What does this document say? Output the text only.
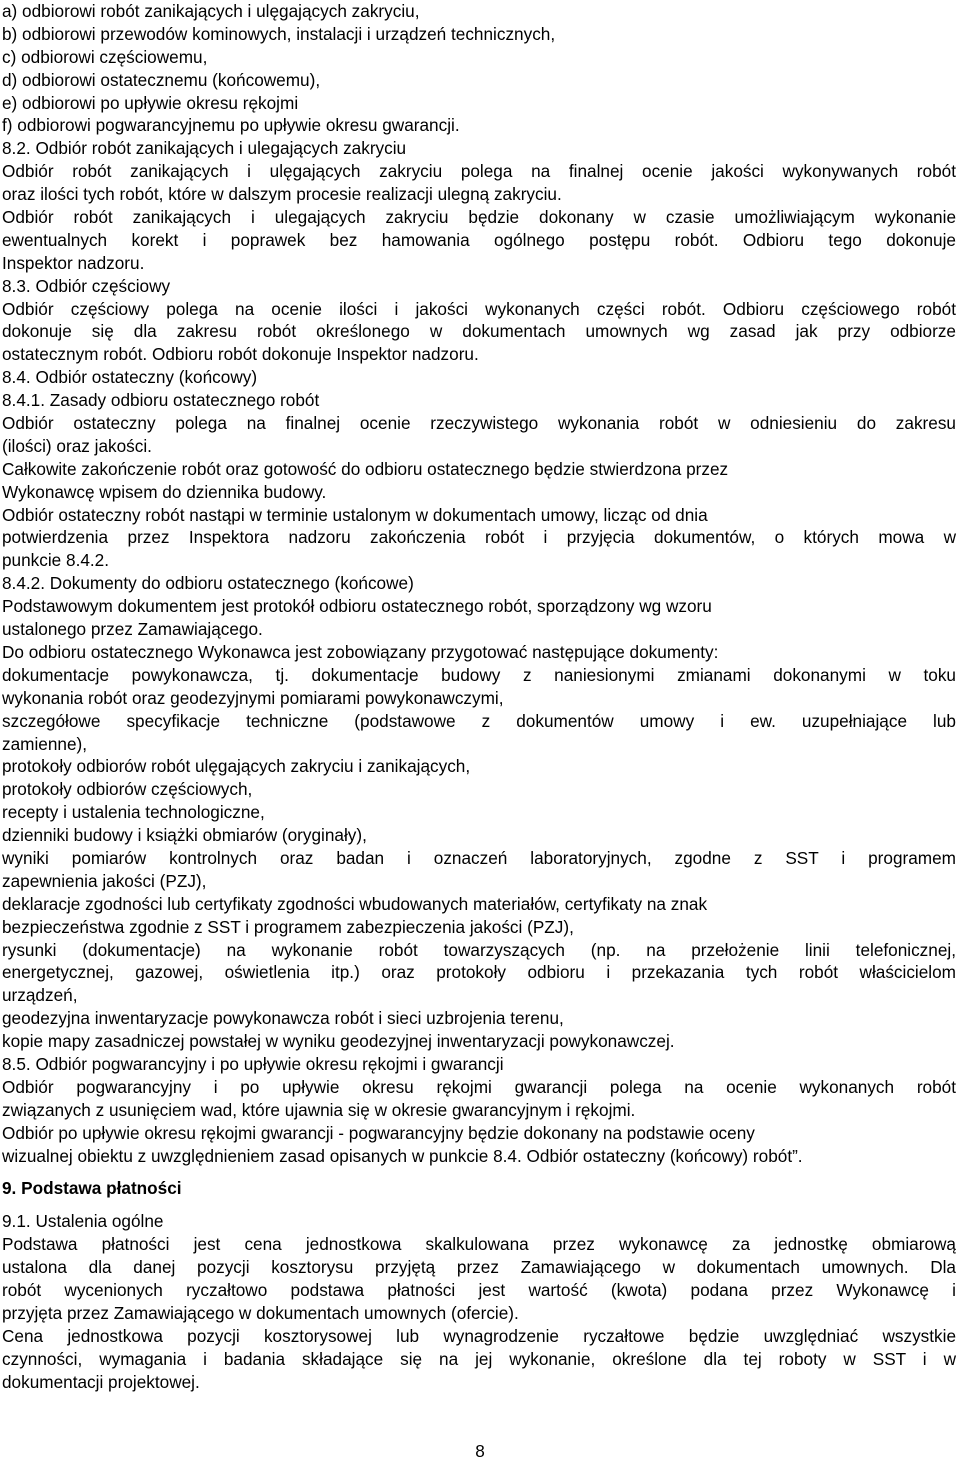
a) odbiorowi robót zanikających i ulęgających zakryciu,
b) odbiorowi przewodów kominowych, instalacji i urządzeń technicznych,
c) odbiorowi częściowemu,
d) odbiorowi ostatecznemu (końcowemu),
e) odbiorowi po upływie okresu rękojmi
f) odbiorowi pogwarancyjnemu po upływie okresu gwarancji.
8.2. Odbiór robót zanikających i ulegających zakryciu
Odbiór robót zanikających i ulęgających zakryciu polega na finalnej ocenie jakości wykonywanych robót
oraz ilości tych robót, które w dalszym procesie realizacji ulegną zakryciu.
Odbiór robót zanikających i ulegających zakryciu będzie dokonany w czasie umożliwiającym wykonanie
ewentualnych korekt i poprawek bez hamowania ogólnego postępu robót. Odbioru tego dokonuje
Inspektor nadzoru.
8.3. Odbiór częściowy
Odbiór częściowy polega na ocenie ilości i jakości wykonanych części robót. Odbioru częściowego robót
dokonuje się dla zakresu robót określonego w dokumentach umownych wg zasad jak przy odbiorze
ostatecznym robót. Odbioru robót dokonuje Inspektor nadzoru.
8.4. Odbiór ostateczny (końcowy)
8.4.1. Zasady odbioru ostatecznego robót
Odbiór ostateczny polega na finalnej ocenie rzeczywistego wykonania robót w odniesieniu do zakresu
(ilości) oraz jakości.
Całkowite zakończenie robót oraz gotowość do odbioru ostatecznego będzie stwierdzona przez
Wykonawcę wpisem do dziennika budowy.
Odbiór ostateczny robót nastąpi w terminie ustalonym w dokumentach umowy, licząc od dnia
potwierdzenia przez Inspektora nadzoru zakończenia robót i przyjęcia dokumentów, o których mowa w
punkcie 8.4.2.
8.4.2. Dokumenty do odbioru ostatecznego (końcowe)
Podstawowym dokumentem jest protokół odbioru ostatecznego robót, sporządzony wg wzoru
ustalonego przez Zamawiającego.
Do odbioru ostatecznego Wykonawca jest zobowiązany przygotować następujące dokumenty:
dokumentacje powykonawcza, tj. dokumentacje budowy z naniesionymi zmianami dokonanymi w toku
wykonania robót oraz geodezyjnymi pomiarami powykonawczymi,
szczegółowe specyfikacje techniczne (podstawowe z dokumentów umowy i ew. uzupełniające lub
zamienne),
protokoły odbiorów robót ulęgających zakryciu i zanikających,
protokoły odbiorów częściowych,
recepty i ustalenia technologiczne,
dzienniki budowy i książki obmiarów (oryginały),
wyniki pomiarów kontrolnych oraz badan i oznaczeń laboratoryjnych, zgodne z SST i programem
zapewnienia jakości (PZJ),
deklaracje zgodności lub certyfikaty zgodności wbudowanych materiałów, certyfikaty na znak
bezpieczeństwa zgodnie z SST i programem zabezpieczenia jakości (PZJ),
rysunki (dokumentacje) na wykonanie robót towarzyszących (np. na przełożenie linii telefonicznej,
energetycznej, gazowej, oświetlenia itp.) oraz protokoły odbioru i przekazania tych robót właścicielom
urządzeń,
geodezyjna inwentaryzacje powykonawcza robót i sieci uzbrojenia terenu,
kopie mapy zasadniczej powstałej w wyniku geodezyjnej inwentaryzacji powykonawczej.
8.5. Odbiór pogwarancyjny i po upływie okresu rękojmi i gwarancji
Odbiór pogwarancyjny i po upływie okresu rękojmi gwarancji polega na ocenie wykonanych robót
związanych z usunięciem wad, które ujawnia się w okresie gwarancyjnym i rękojmi.
Odbiór po upływie okresu rękojmi gwarancji - pogwarancyjny będzie dokonany na podstawie oceny
wizualnej obiektu z uwzględnieniem zasad opisanych w punkcie 8.4. Odbiór ostateczny (końcowy) robót”.
9. Podstawa płatności
9.1. Ustalenia ogólne
Podstawa płatności jest cena jednostkowa skalkulowana przez wykonawcę za jednostkę obmiarową
ustalona dla danej pozycji kosztorysu przyjętą przez Zamawiającego w dokumentach umownych. Dla
robót wycenionych ryczałtowo podstawa płatności jest wartość (kwota) podana przez Wykonawcę i
przyjęta przez Zamawiającego w dokumentach umownych (ofercie).
Cena jednostkowa pozycji kosztorysowej lub wynagrodzenie ryczałtowe będzie uwzględniać wszystkie
czynności, wymagania i badania składające się na jej wykonanie, określone dla tej roboty w SST i w
dokumentacji projektowej.
8
